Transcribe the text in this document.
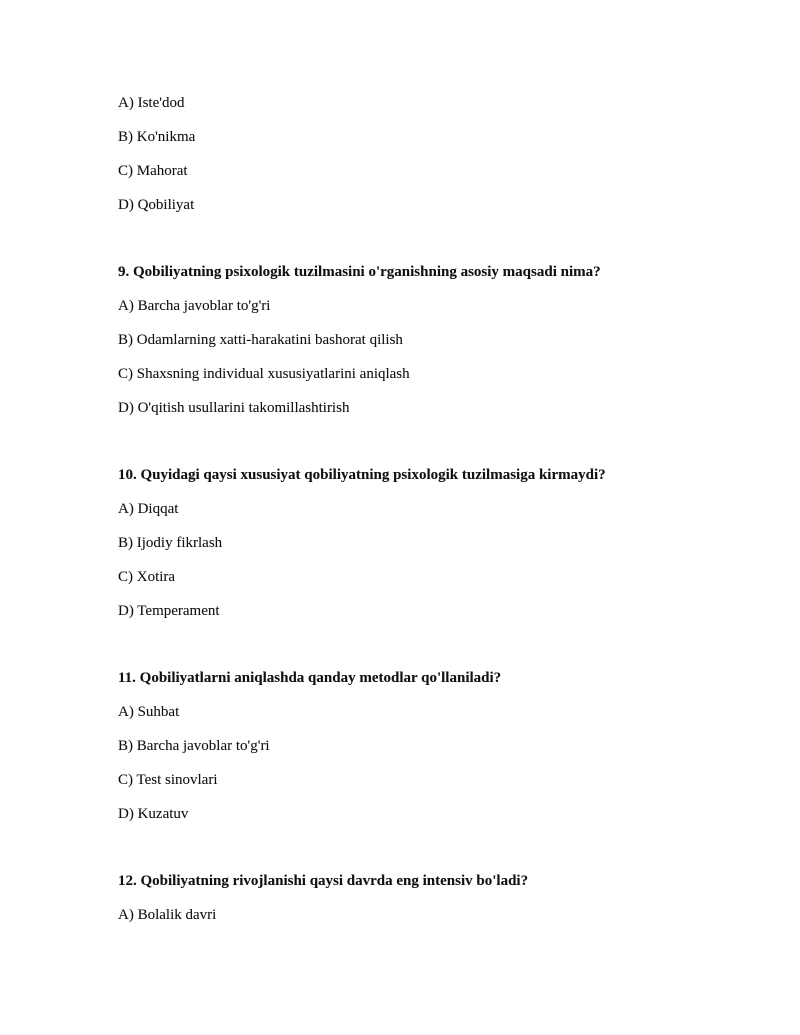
A) Iste'dod
B) Ko'nikma
C) Mahorat
D) Qobiliyat
9. Qobiliyatning psixologik tuzilmasini o'rganishning asosiy maqsadi nima?
A) Barcha javoblar to'g'ri
B) Odamlarning xatti-harakatini bashorat qilish
C) Shaxsning individual xususiyatlarini aniqlash
D) O'qitish usullarini takomillashtirish
10. Quyidagi qaysi xususiyat qobiliyatning psixologik tuzilmasiga kirmaydi?
A) Diqqat
B) Ijodiy fikrlash
C) Xotira
D) Temperament
11. Qobiliyatlarni aniqlashda qanday metodlar qo'llaniladi?
A) Suhbat
B) Barcha javoblar to'g'ri
C) Test sinovlari
D) Kuzatuv
12. Qobiliyatning rivojlanishi qaysi davrda eng intensiv bo'ladi?
A) Bolalik davri
